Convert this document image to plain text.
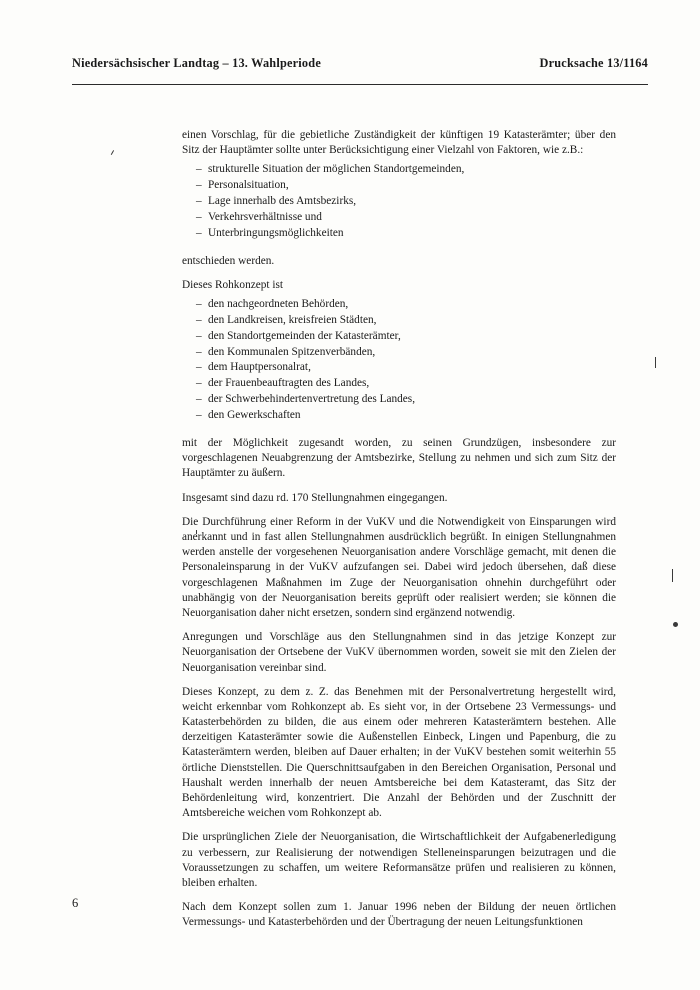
Niedersächsischer Landtag – 13. Wahlperiode	Drucksache 13/1164

einen Vorschlag, für die gebietliche Zuständigkeit der künftigen 19 Katasterämter; über den Sitz der Hauptämter sollte unter Berücksichtigung einer Vielzahl von Faktoren, wie z.B.:

– strukturelle Situation der möglichen Standortgemeinden,
– Personalsituation,
– Lage innerhalb des Amtsbezirks,
– Verkehrsverhältnisse und
– Unterbringungsmöglichkeiten

entschieden werden.

Dieses Rohkonzept ist

– den nachgeordneten Behörden,
– den Landkreisen, kreisfreien Städten,
– den Standortgemeinden der Katasterämter,
– den Kommunalen Spitzenverbänden,
– dem Hauptpersonalrat,
– der Frauenbeauftragten des Landes,
– der Schwerbehindertenvertretung des Landes,
– den Gewerkschaften

mit der Möglichkeit zugesandt worden, zu seinen Grundzügen, insbesondere zur vorgeschlagenen Neuabgrenzung der Amtsbezirke, Stellung zu nehmen und sich zum Sitz der Hauptämter zu äußern.

Insgesamt sind dazu rd. 170 Stellungnahmen eingegangen.

Die Durchführung einer Reform in der VuKV und die Notwendigkeit von Einsparungen wird anerkannt und in fast allen Stellungnahmen ausdrücklich begrüßt. In einigen Stellungnahmen werden anstelle der vorgesehenen Neuorganisation andere Vorschläge gemacht, mit denen die Personaleinsparung in der VuKV aufzufangen sei. Dabei wird jedoch übersehen, daß diese vorgeschlagenen Maßnahmen im Zuge der Neuorganisation ohnehin durchgeführt oder unabhängig von der Neuorganisation bereits geprüft oder realisiert werden; sie können die Neuorganisation daher nicht ersetzen, sondern sind ergänzend notwendig.

Anregungen und Vorschläge aus den Stellungnahmen sind in das jetzige Konzept zur Neuorganisation der Ortsebene der VuKV übernommen worden, soweit sie mit den Zielen der Neuorganisation vereinbar sind.

Dieses Konzept, zu dem z. Z. das Benehmen mit der Personalvertretung hergestellt wird, weicht erkennbar vom Rohkonzept ab. Es sieht vor, in der Ortsebene 23 Vermessungs- und Katasterbehörden zu bilden, die aus einem oder mehreren Katasterämtern bestehen. Alle derzeitigen Katasterämter sowie die Außenstellen Einbeck, Lingen und Papenburg, die zu Katasterämtern werden, bleiben auf Dauer erhalten; in der VuKV bestehen somit weiterhin 55 örtliche Dienststellen. Die Querschnittsaufgaben in den Bereichen Organisation, Personal und Haushalt werden innerhalb der neuen Amtsbereiche bei dem Katasteramt, das Sitz der Behördenleitung wird, konzentriert. Die Anzahl der Behörden und der Zuschnitt der Amtsbereiche weichen vom Rohkonzept ab.

Die ursprünglichen Ziele der Neuorganisation, die Wirtschaftlichkeit der Aufgabenerledigung zu verbessern, zur Realisierung der notwendigen Stelleneinsparungen beizutragen und die Voraussetzungen zu schaffen, um weitere Reformansätze prüfen und realisieren zu können, bleiben erhalten.

Nach dem Konzept sollen zum 1. Januar 1996 neben der Bildung der neuen örtlichen Vermessungs- und Katasterbehörden und der Übertragung der neuen Leitungsfunktionen

6
